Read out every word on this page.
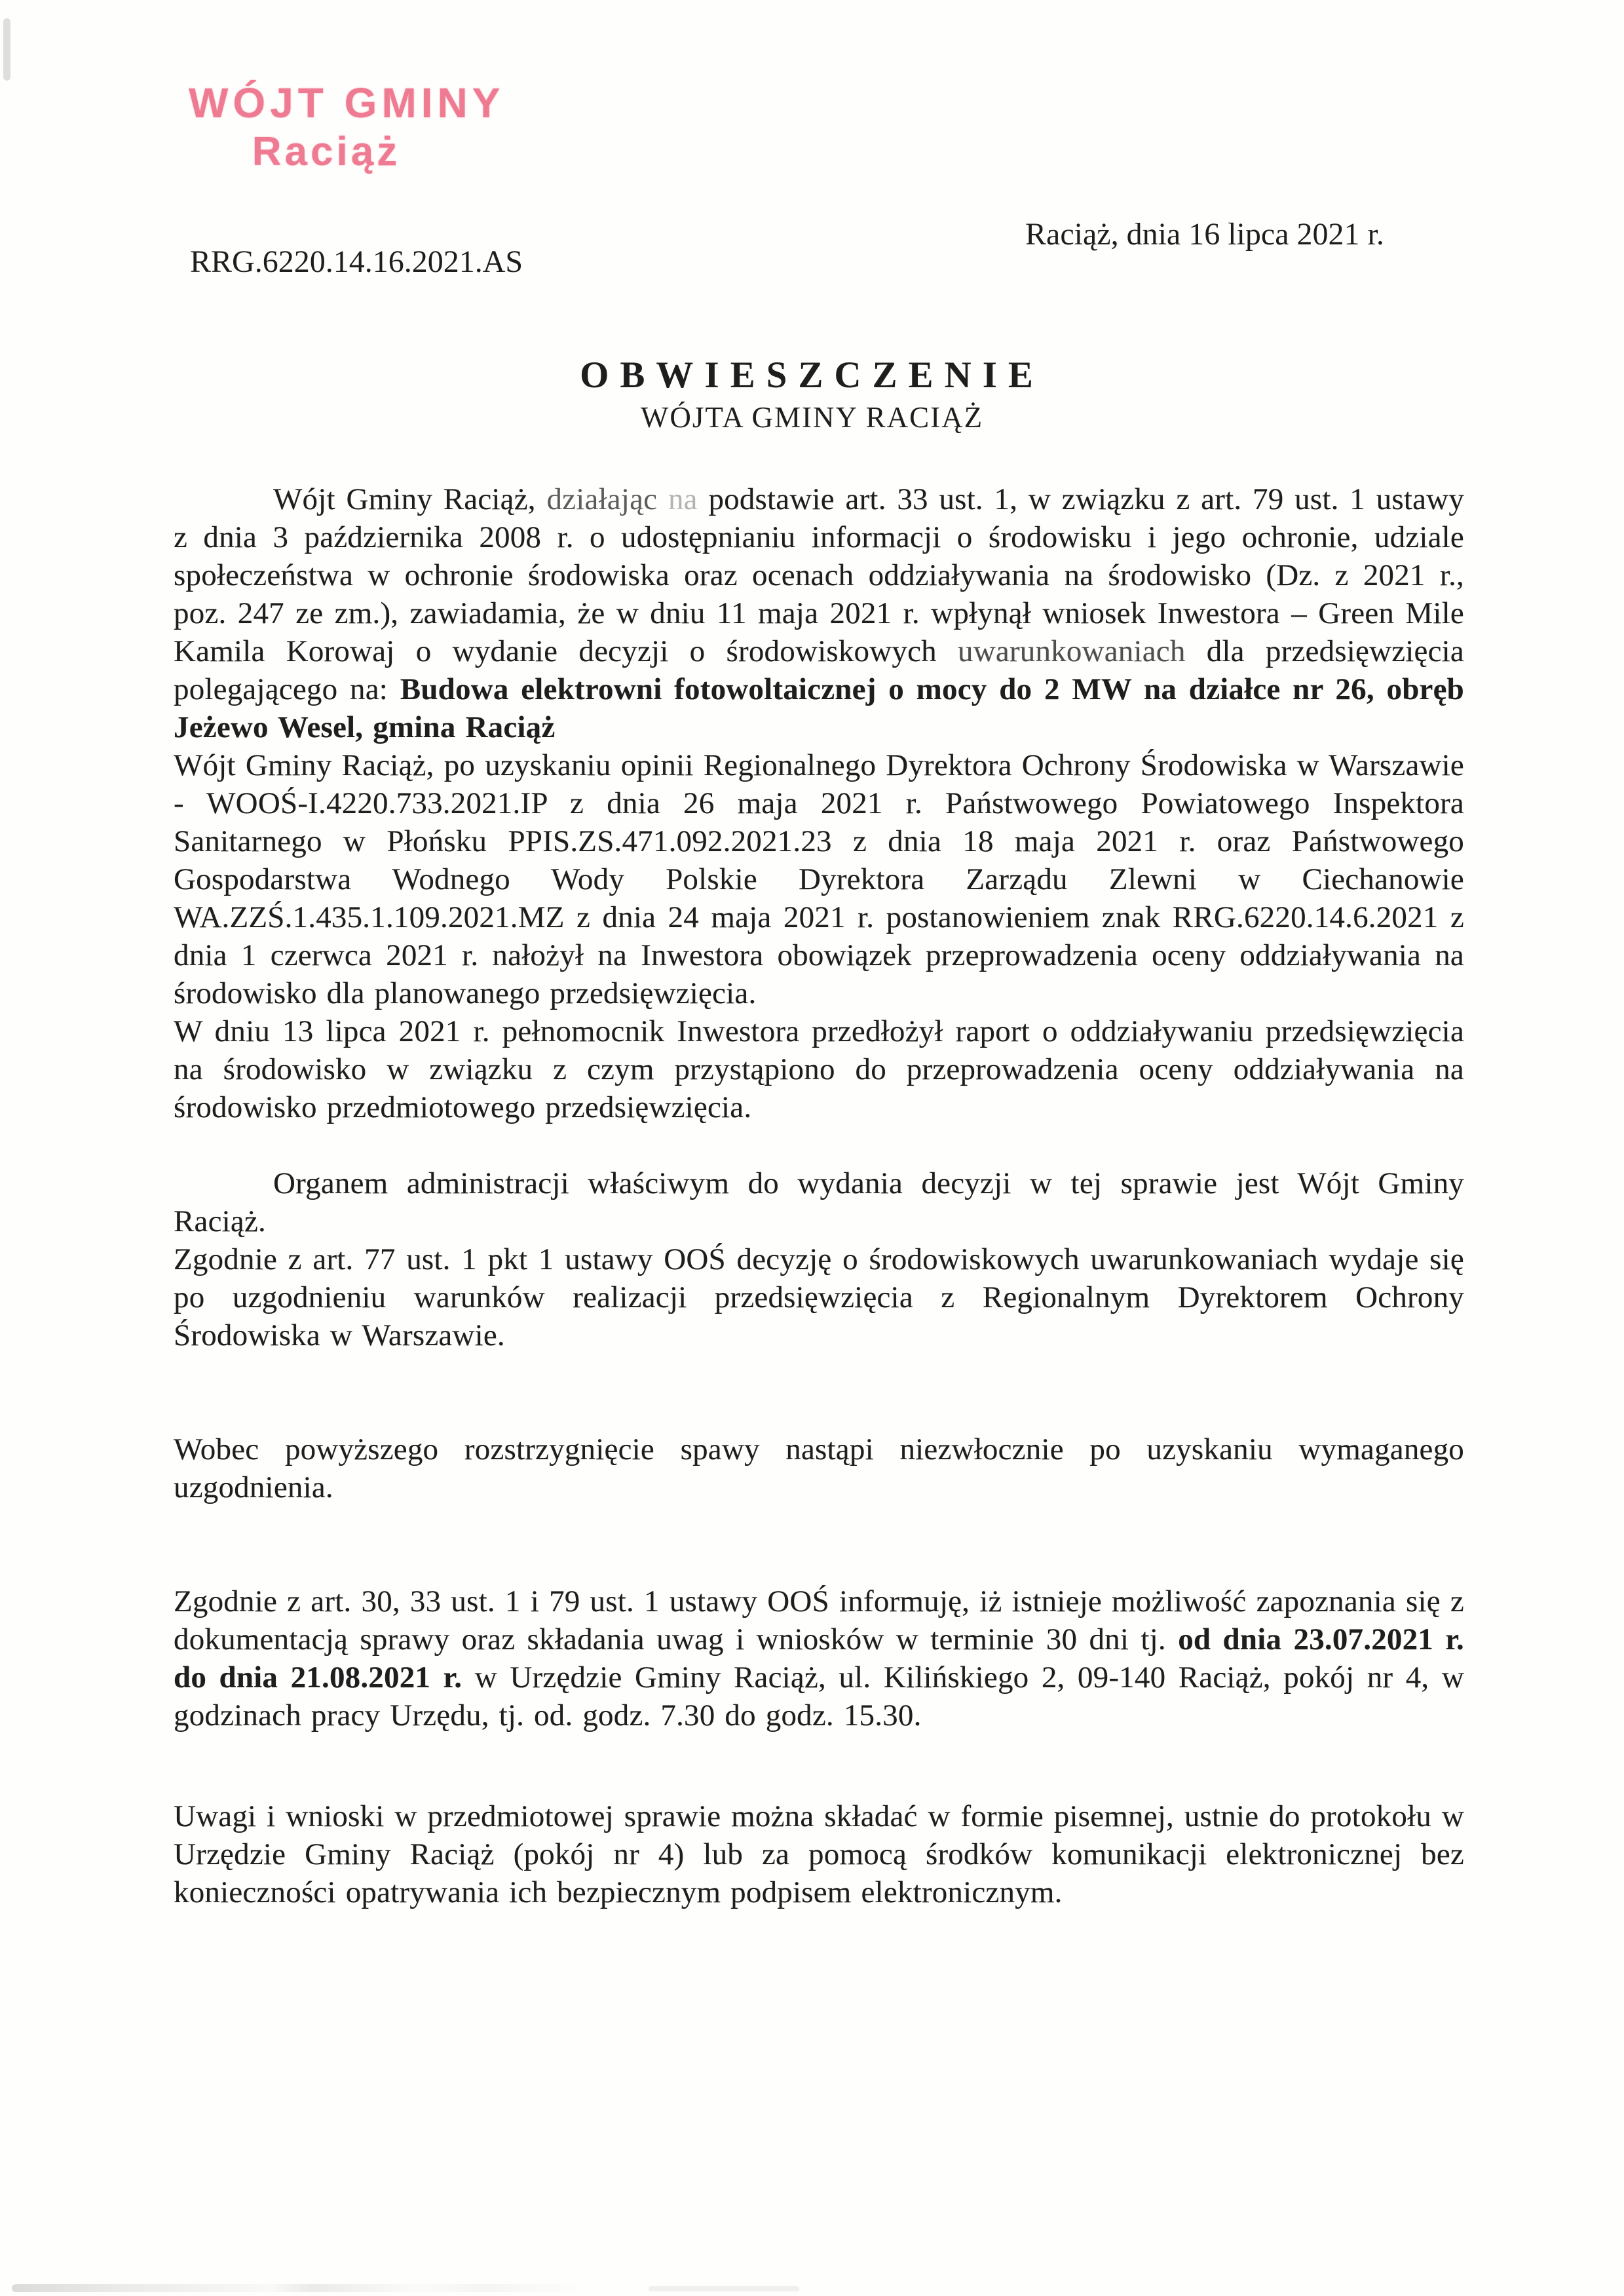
WÓJT GMINY
Raciąż
Raciąż, dnia 16 lipca 2021 r.
RRG.6220.14.16.2021.AS
OBWIESZCZENIE
WÓJTA GMINY RACIĄŻ

Wójt Gminy Raciąż, działając na podstawie art. 33 ust. 1, w związku z art. 79 ust. 1 ustawy z dnia 3 października 2008 r. o udostępnianiu informacji o środowisku i jego ochronie, udziale społeczeństwa w ochronie środowiska oraz ocenach oddziaływania na środowisko (Dz. z 2021 r., poz. 247 ze zm.), zawiadamia, że w dniu 11 maja 2021 r. wpłynął wniosek Inwestora – Green Mile Kamila Korowaj o wydanie decyzji o środowiskowych uwarunkowaniach dla przedsięwzięcia polegającego na: Budowa elektrowni fotowoltaicznej o mocy do 2 MW na działce nr 26, obręb Jeżewo Wesel, gmina Raciąż

Wójt Gminy Raciąż, po uzyskaniu opinii Regionalnego Dyrektora Ochrony Środowiska w Warszawie - WOOŚ-I.4220.733.2021.IP z dnia 26 maja 2021 r. Państwowego Powiatowego Inspektora Sanitarnego w Płońsku PPIS.ZS.471.092.2021.23 z dnia 18 maja 2021 r. oraz Państwowego Gospodarstwa Wodnego Wody Polskie Dyrektora Zarządu Zlewni w Ciechanowie WA.ZZŚ.1.435.1.109.2021.MZ z dnia 24 maja 2021 r. postanowieniem znak RRG.6220.14.6.2021 z dnia 1 czerwca 2021 r. nałożył na Inwestora obowiązek przeprowadzenia oceny oddziaływania na środowisko dla planowanego przedsięwzięcia.

W dniu 13 lipca 2021 r. pełnomocnik Inwestora przedłożył raport o oddziaływaniu przedsięwzięcia na środowisko w związku z czym przystąpiono do przeprowadzenia oceny oddziaływania na środowisko przedmiotowego przedsięwzięcia.

Organem administracji właściwym do wydania decyzji w tej sprawie jest Wójt Gminy Raciąż.

Zgodnie z art. 77 ust. 1 pkt 1 ustawy OOŚ decyzję o środowiskowych uwarunkowaniach wydaje się po uzgodnieniu warunków realizacji przedsięwzięcia z Regionalnym Dyrektorem Ochrony Środowiska w Warszawie.

Wobec powyższego rozstrzygnięcie spawy nastąpi niezwłocznie po uzyskaniu wymaganego uzgodnienia.

Zgodnie z art. 30, 33 ust. 1 i 79 ust. 1 ustawy OOŚ informuję, iż istnieje możliwość zapoznania się z dokumentacją sprawy oraz składania uwag i wniosków w terminie 30 dni tj. od dnia 23.07.2021 r. do dnia 21.08.2021 r. w Urzędzie Gminy Raciąż, ul. Kilińskiego 2, 09-140 Raciąż, pokój nr 4, w godzinach pracy Urzędu, tj. od. godz. 7.30 do godz. 15.30.

Uwagi i wnioski w przedmiotowej sprawie można składać w formie pisemnej, ustnie do protokołu w Urzędzie Gminy Raciąż (pokój nr 4) lub za pomocą środków komunikacji elektronicznej bez konieczności opatrywania ich bezpiecznym podpisem elektronicznym.
